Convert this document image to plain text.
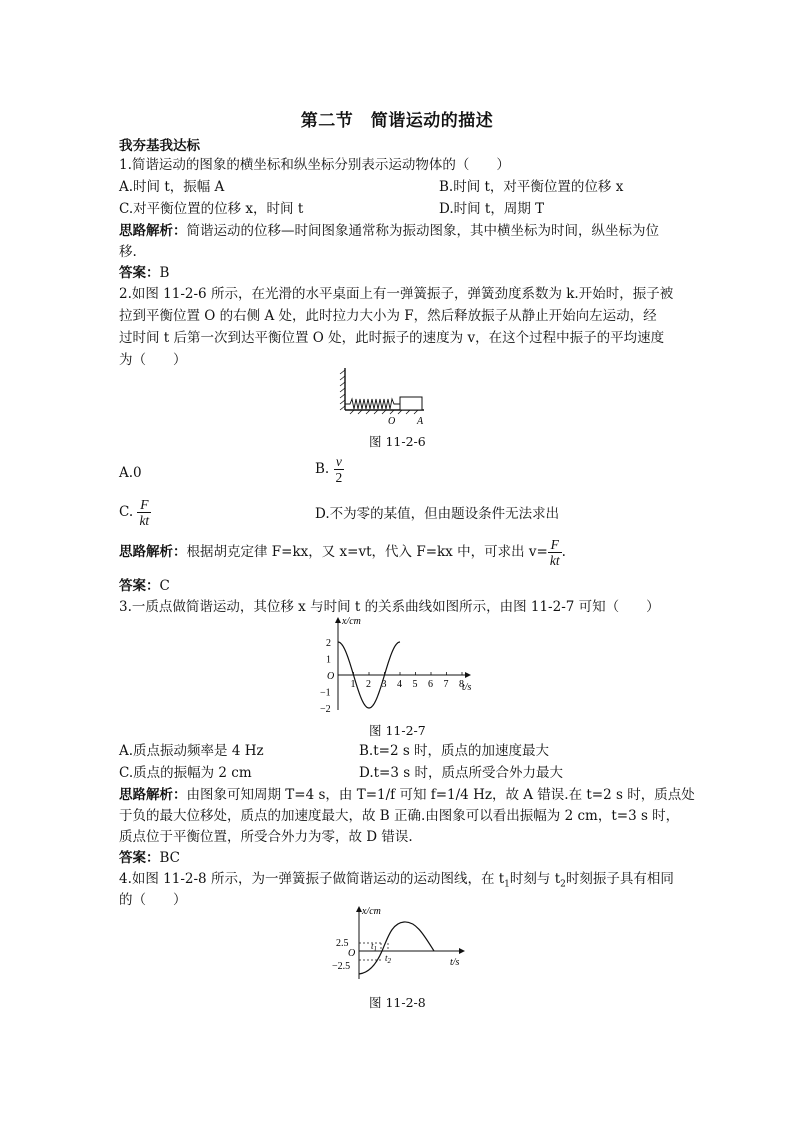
第二节　简谐运动的描述
我夯基我达标
1.简谐运动的图象的横坐标和纵坐标分别表示运动物体的（　　）
A.时间 t，振幅 A	B.时间 t，对平衡位置的位移 x
C.对平衡位置的位移 x，时间 t	D.时间 t，周期 T
思路解析：简谐运动的位移—时间图象通常称为振动图象，其中横坐标为时间，纵坐标为位
移.
答案：B
2.如图 11-2-6 所示，在光滑的水平桌面上有一弹簧振子，弹簧劲度系数为 k.开始时，振子被
拉到平衡位置 O 的右侧 A 处，此时拉力大小为 F，然后释放振子从静止开始向左运动，经
过时间 t 后第一次到达平衡位置 O 处，此时振子的速度为 v，在这个过程中振子的平均速度
为（　　）
O A
图 11-2-6
A.0	B. $\frac{v}{2}$
C. $\frac{F}{kt}$	D.不为零的某值，但由题设条件无法求出
思路解析：根据胡克定律 F=kx，又 x=vt，代入 F=kx 中，可求出 $v= \frac{F}{kt}$ .
答案：C
3.一质点做简谐运动，其位移 x 与时间 t 的关系曲线如图所示，由图 11-2-7 可知（　　）
x/cm
t/s
O
1 2 3 4 5 6 7 8
2
1
−1
−2
图 11-2-7
A.质点振动频率是 4 Hz	B.t=2 s 时，质点的加速度最大
C.质点的振幅为 2 cm	D.t=3 s 时，质点所受合外力最大
思路解析：由图象可知周期 T=4 s，由 T=1/f 可知 f=1/4 Hz，故 A 错误.在 t=2 s 时，质点处
于负的最大位移处，质点的加速度最大，故 B 正确.由图象可以看出振幅为 2 cm，t=3 s 时，
质点位于平衡位置，所受合外力为零，故 D 错误.
答案：BC
4.如图 11-2-8 所示，为一弹簧振子做简谐运动的运动图线，在 $t_1$时刻与 $t_2$时刻振子具有相同
的（　　）
x/cm
t/s
O
2.5
−2.5
$t_1$
$t_2$
图 11-2-8
